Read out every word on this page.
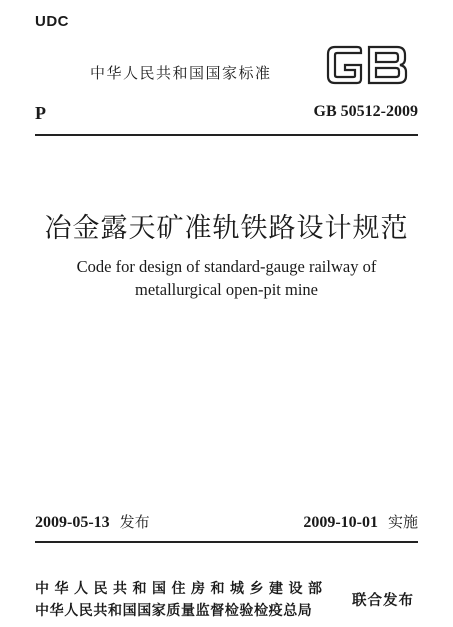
UDC
中华人民共和国国家标准
P	GB 50512-2009
冶金露天矿准轨铁路设计规范
Code for design of standard-gauge railway of
metallurgical open-pit mine
2009-05-13 发布	2009-10-01 实施
中华人民共和国住房和城乡建设部
中华人民共和国国家质量监督检验检疫总局
联合发布
